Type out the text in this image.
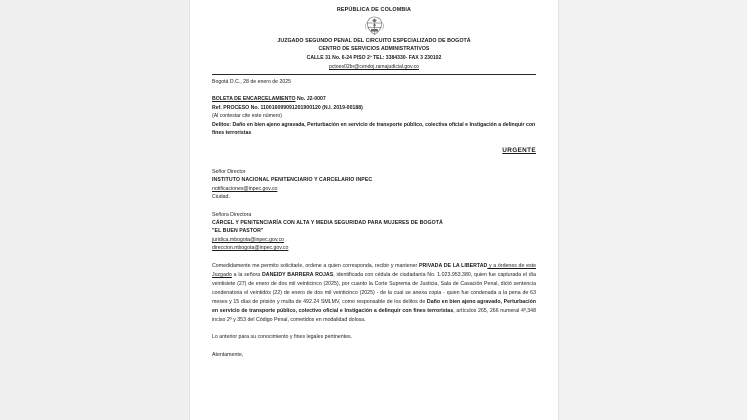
REPÚBLICA DE COLOMBIA
JUZGADO SEGUNDO PENAL DEL CIRCUITO ESPECIALIZADO DE BOGOTÁ
CENTRO DE SERVICIOS ADMINISTRATIVOS
CALLE 31 No. 6-24 PISO 2º TEL: 3384330- FAX 3 230102
pctoes02br@cendoj.ramajudicial.gov.co
Bogotá D.C., 28 de enero de 2025
BOLETA DE ENCARCELAMIENTO No. J2-0007
Ref. PROCESO No. 110016099091201900120 (N.I. 2019-00188)
(Al contestar cite este número)
Delitos: Daño en bien ajeno agravada, Perturbación en servicio de transporte público, colectiva oficial e Instigación a delinquir con fines terroristas
URGENTE
Señor Director
INSTITUTO NACIONAL PENITENCIARIO Y CARCELARIO INPEC
notificaciones@inpec.gov.co
Ciudad.
Señora Directora
CÁRCEL Y PENITENCIARÍA CON ALTA Y MEDIA SEGURIDAD PARA MUJERES DE BOGOTÁ
"EL BUEN PASTOR"
juridica.mbogota@inpec.gov.co
direccion.mbogota@inpec.gov.co

Comedidamente me permito solicitarle, ordene a quien corresponda, recibir y mantener PRIVADA DE LA LIBERTAD y a órdenes de este Juzgado a la señora DANEIDY BARRERA ROJAS, identificada con cédula de ciudadanía No. 1.023.953.380, quien fue capturada el día veintisiete (27) de enero de dos mil veinticinco (2025), por cuanto la Corte Suprema de Justicia, Sala de Casación Penal, dictó sentencia condenatoria el veintidós (22) de enero de dos mil veinticinco (2025) - de la cual se anexa copia - quien fue condenada a la pena de 63 meses y 15 días de prisión y multa de 492.24 SMLMV, como responsable de los delitos de Daño en bien ajeno agravado, Perturbación en servicio de transporte público, colectivo oficial e Instigación a delinquir con fines terroristas, artículos 265, 266 numeral 4º,348 inciso 2º y 353 del Código Penal, cometidos en modalidad dolosa.

Lo anterior para su conocimiento y fines legales pertinentes.
Atentamente,
